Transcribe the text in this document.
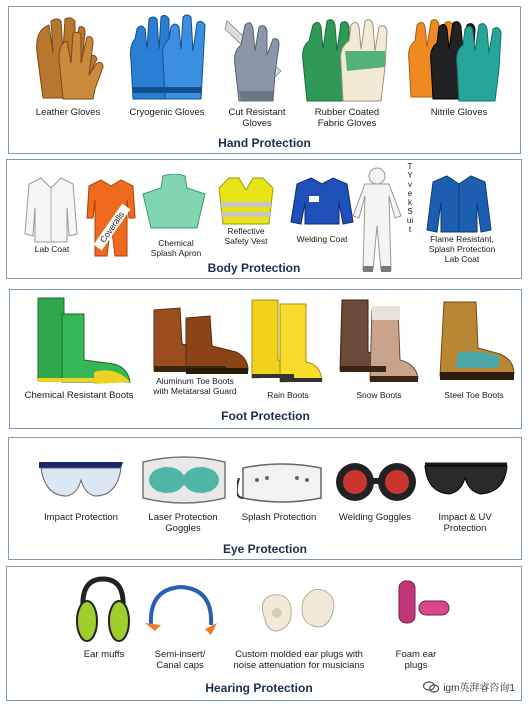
Leather Gloves	Cryogenic Gloves	Cut Resistant
Gloves
Rubber Coated
Fabric Gloves
Nitrile Gloves
Hand Protection
Lab Coat
Coveralls	Chemical
Splash Apron
Reflective
Safety Vest	Welding Coat
TYvek Suit
Flame Resistant,
Splash Protection
Lab Coat
Body Protection
Chemical Resistant Boots
Aluminum Toe Boots
with Metatarsal Guard	Rain Boots	Snow Boots	Steel Toe Boots
Foot Protection
Impact Protection	Laser Protection
Goggles
Splash Protection	Welding Goggles	Impact & UV
Protection
Eye Protection
Ear muffs	Semi-insert/
Canal caps
Custom molded ear plugs with
noise attenuation for musicians
Foam ear
plugs
Hearing Protection	igm英湃睿咨询1
